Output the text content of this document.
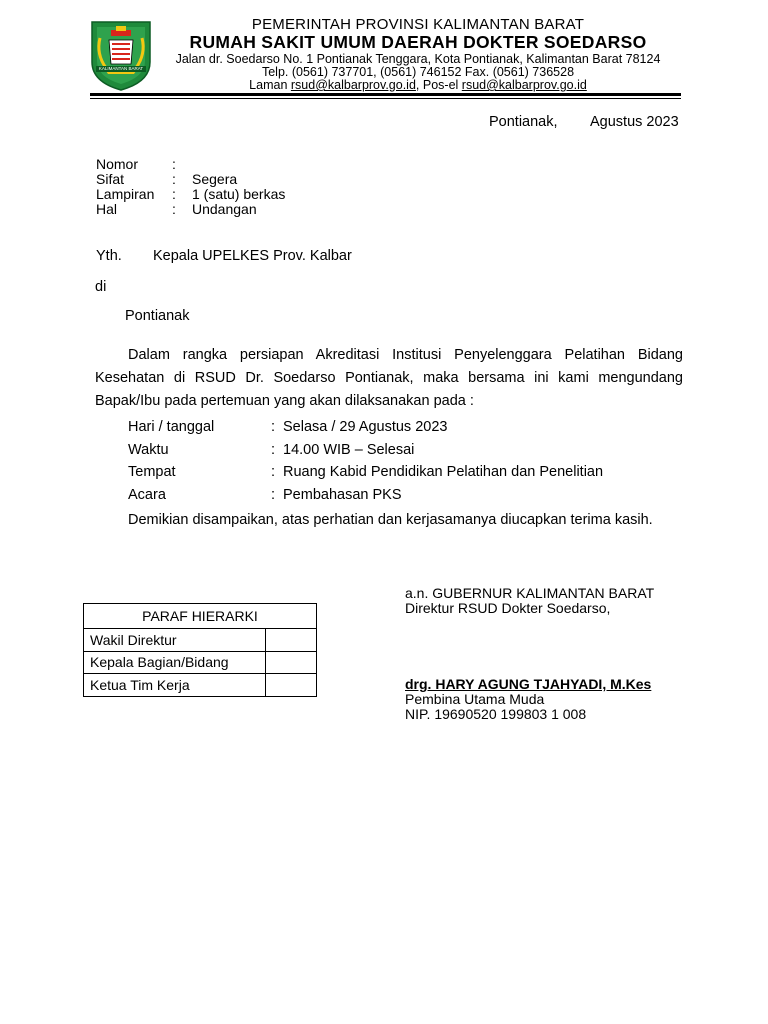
KALIMANTAN BARAT
PEMERINTAH PROVINSI KALIMANTAN BARAT
RUMAH SAKIT UMUM DAERAH DOKTER SOEDARSO
Jalan dr. Soedarso No. 1 Pontianak Tenggara, Kota Pontianak, Kalimantan Barat 78124
Telp. (0561) 737701, (0561) 746152 Fax. (0561) 736528
Laman rsud@kalbarprov.go.id, Pos-el rsud@kalbarprov.go.id
Pontianak, Agustus 2023
Nomor	:	
Sifat	:	Segera
Lampiran	:	1 (satu) berkas
Hal	:	Undangan
Yth. Kepala UPELKES Prov. Kalbar
di
Pontianak
Dalam rangka persiapan Akreditasi Institusi Penyelenggara Pelatihan Bidang Kesehatan di RSUD Dr. Soedarso Pontianak, maka bersama ini kami mengundang Bapak/Ibu pada pertemuan yang akan dilaksanakan pada :
Hari / tanggal	:	Selasa / 29 Agustus 2023
Waktu	:	14.00 WIB – Selesai
Tempat	:	Ruang Kabid Pendidikan Pelatihan dan Penelitian
Acara	:	Pembahasan PKS
Demikian disampaikan, atas perhatian dan kerjasamanya diucapkan terima kasih.
PARAF HIERARKI	
Wakil Direktur	
Kepala Bagian/Bidang	
Ketua Tim Kerja	
a.n. GUBERNUR KALIMANTAN BARAT
Direktur RSUD Dokter Soedarso,
drg. HARY AGUNG TJAHYADI, M.Kes
Pembina Utama Muda
NIP. 19690520 199803 1 008
